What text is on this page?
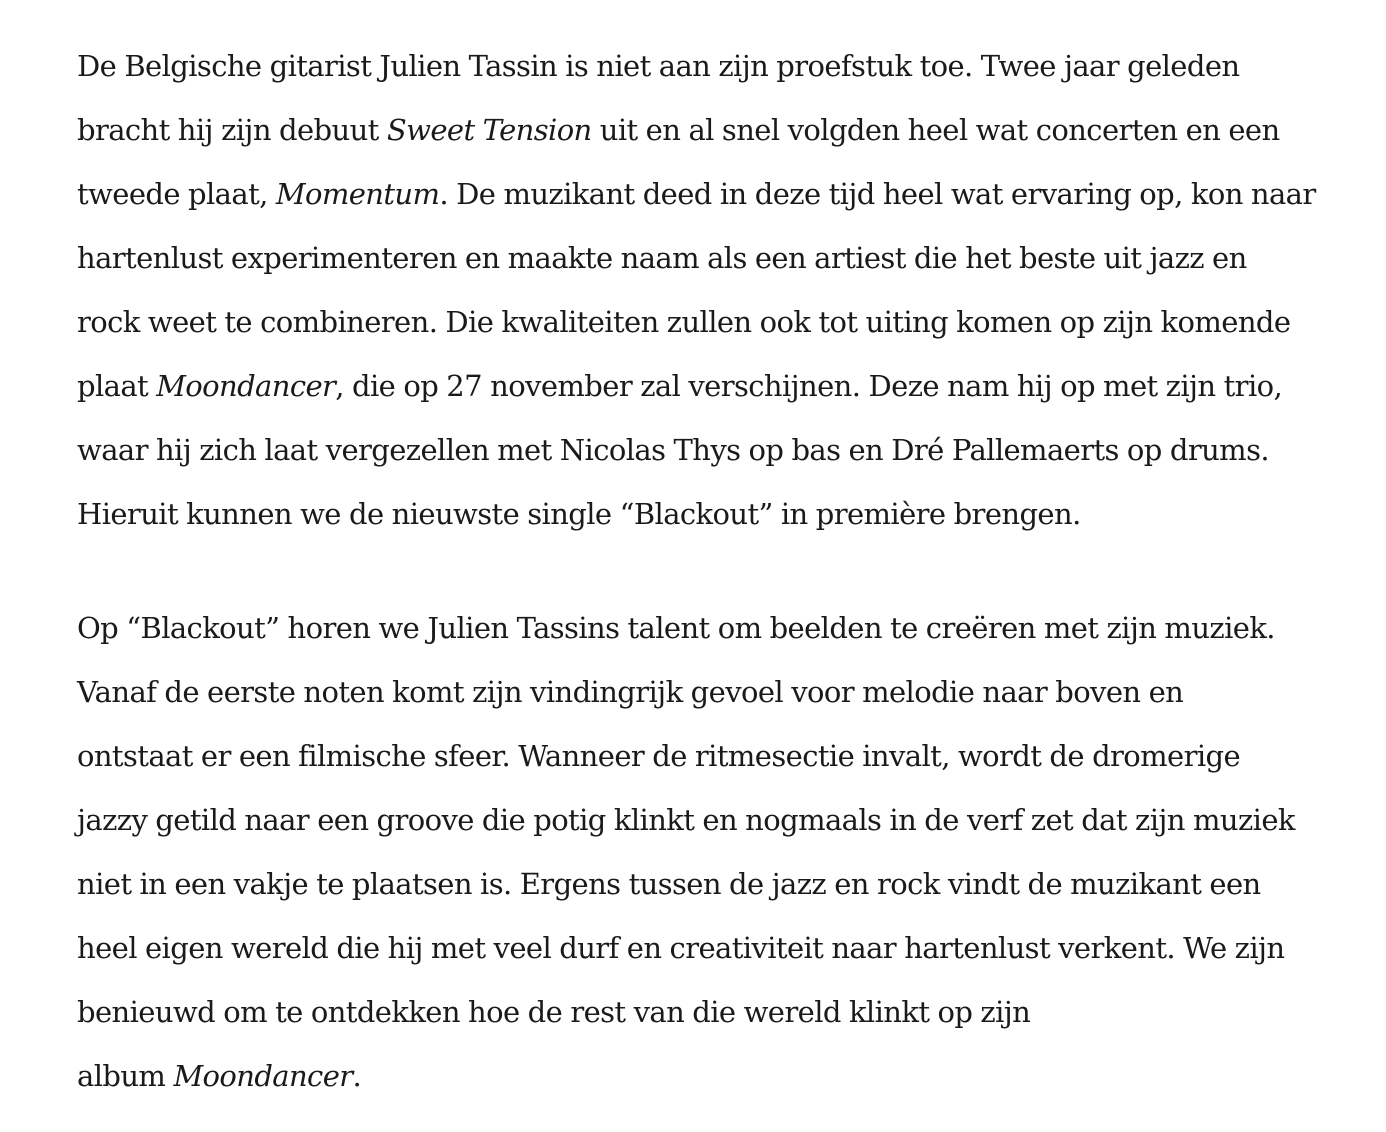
De Belgische gitarist Julien Tassin is niet aan zijn proefstuk toe. Twee jaar geleden
bracht hij zijn debuut Sweet Tension uit en al snel volgden heel wat concerten en een
tweede plaat, Momentum. De muzikant deed in deze tijd heel wat ervaring op, kon naar
hartenlust experimenteren en maakte naam als een artiest die het beste uit jazz en
rock weet te combineren. Die kwaliteiten zullen ook tot uiting komen op zijn komende
plaat Moondancer, die op 27 november zal verschijnen. Deze nam hij op met zijn trio,
waar hij zich laat vergezellen met Nicolas Thys op bas en Dré Pallemaerts op drums.
Hieruit kunnen we de nieuwste single “Blackout” in première brengen.

Op “Blackout” horen we Julien Tassins talent om beelden te creëren met zijn muziek.
Vanaf de eerste noten komt zijn vindingrijk gevoel voor melodie naar boven en
ontstaat er een filmische sfeer. Wanneer de ritmesectie invalt, wordt de dromerige
jazzy getild naar een groove die potig klinkt en nogmaals in de verf zet dat zijn muziek
niet in een vakje te plaatsen is. Ergens tussen de jazz en rock vindt de muzikant een
heel eigen wereld die hij met veel durf en creativiteit naar hartenlust verkent. We zijn
benieuwd om te ontdekken hoe de rest van die wereld klinkt op zijn
album Moondancer.
